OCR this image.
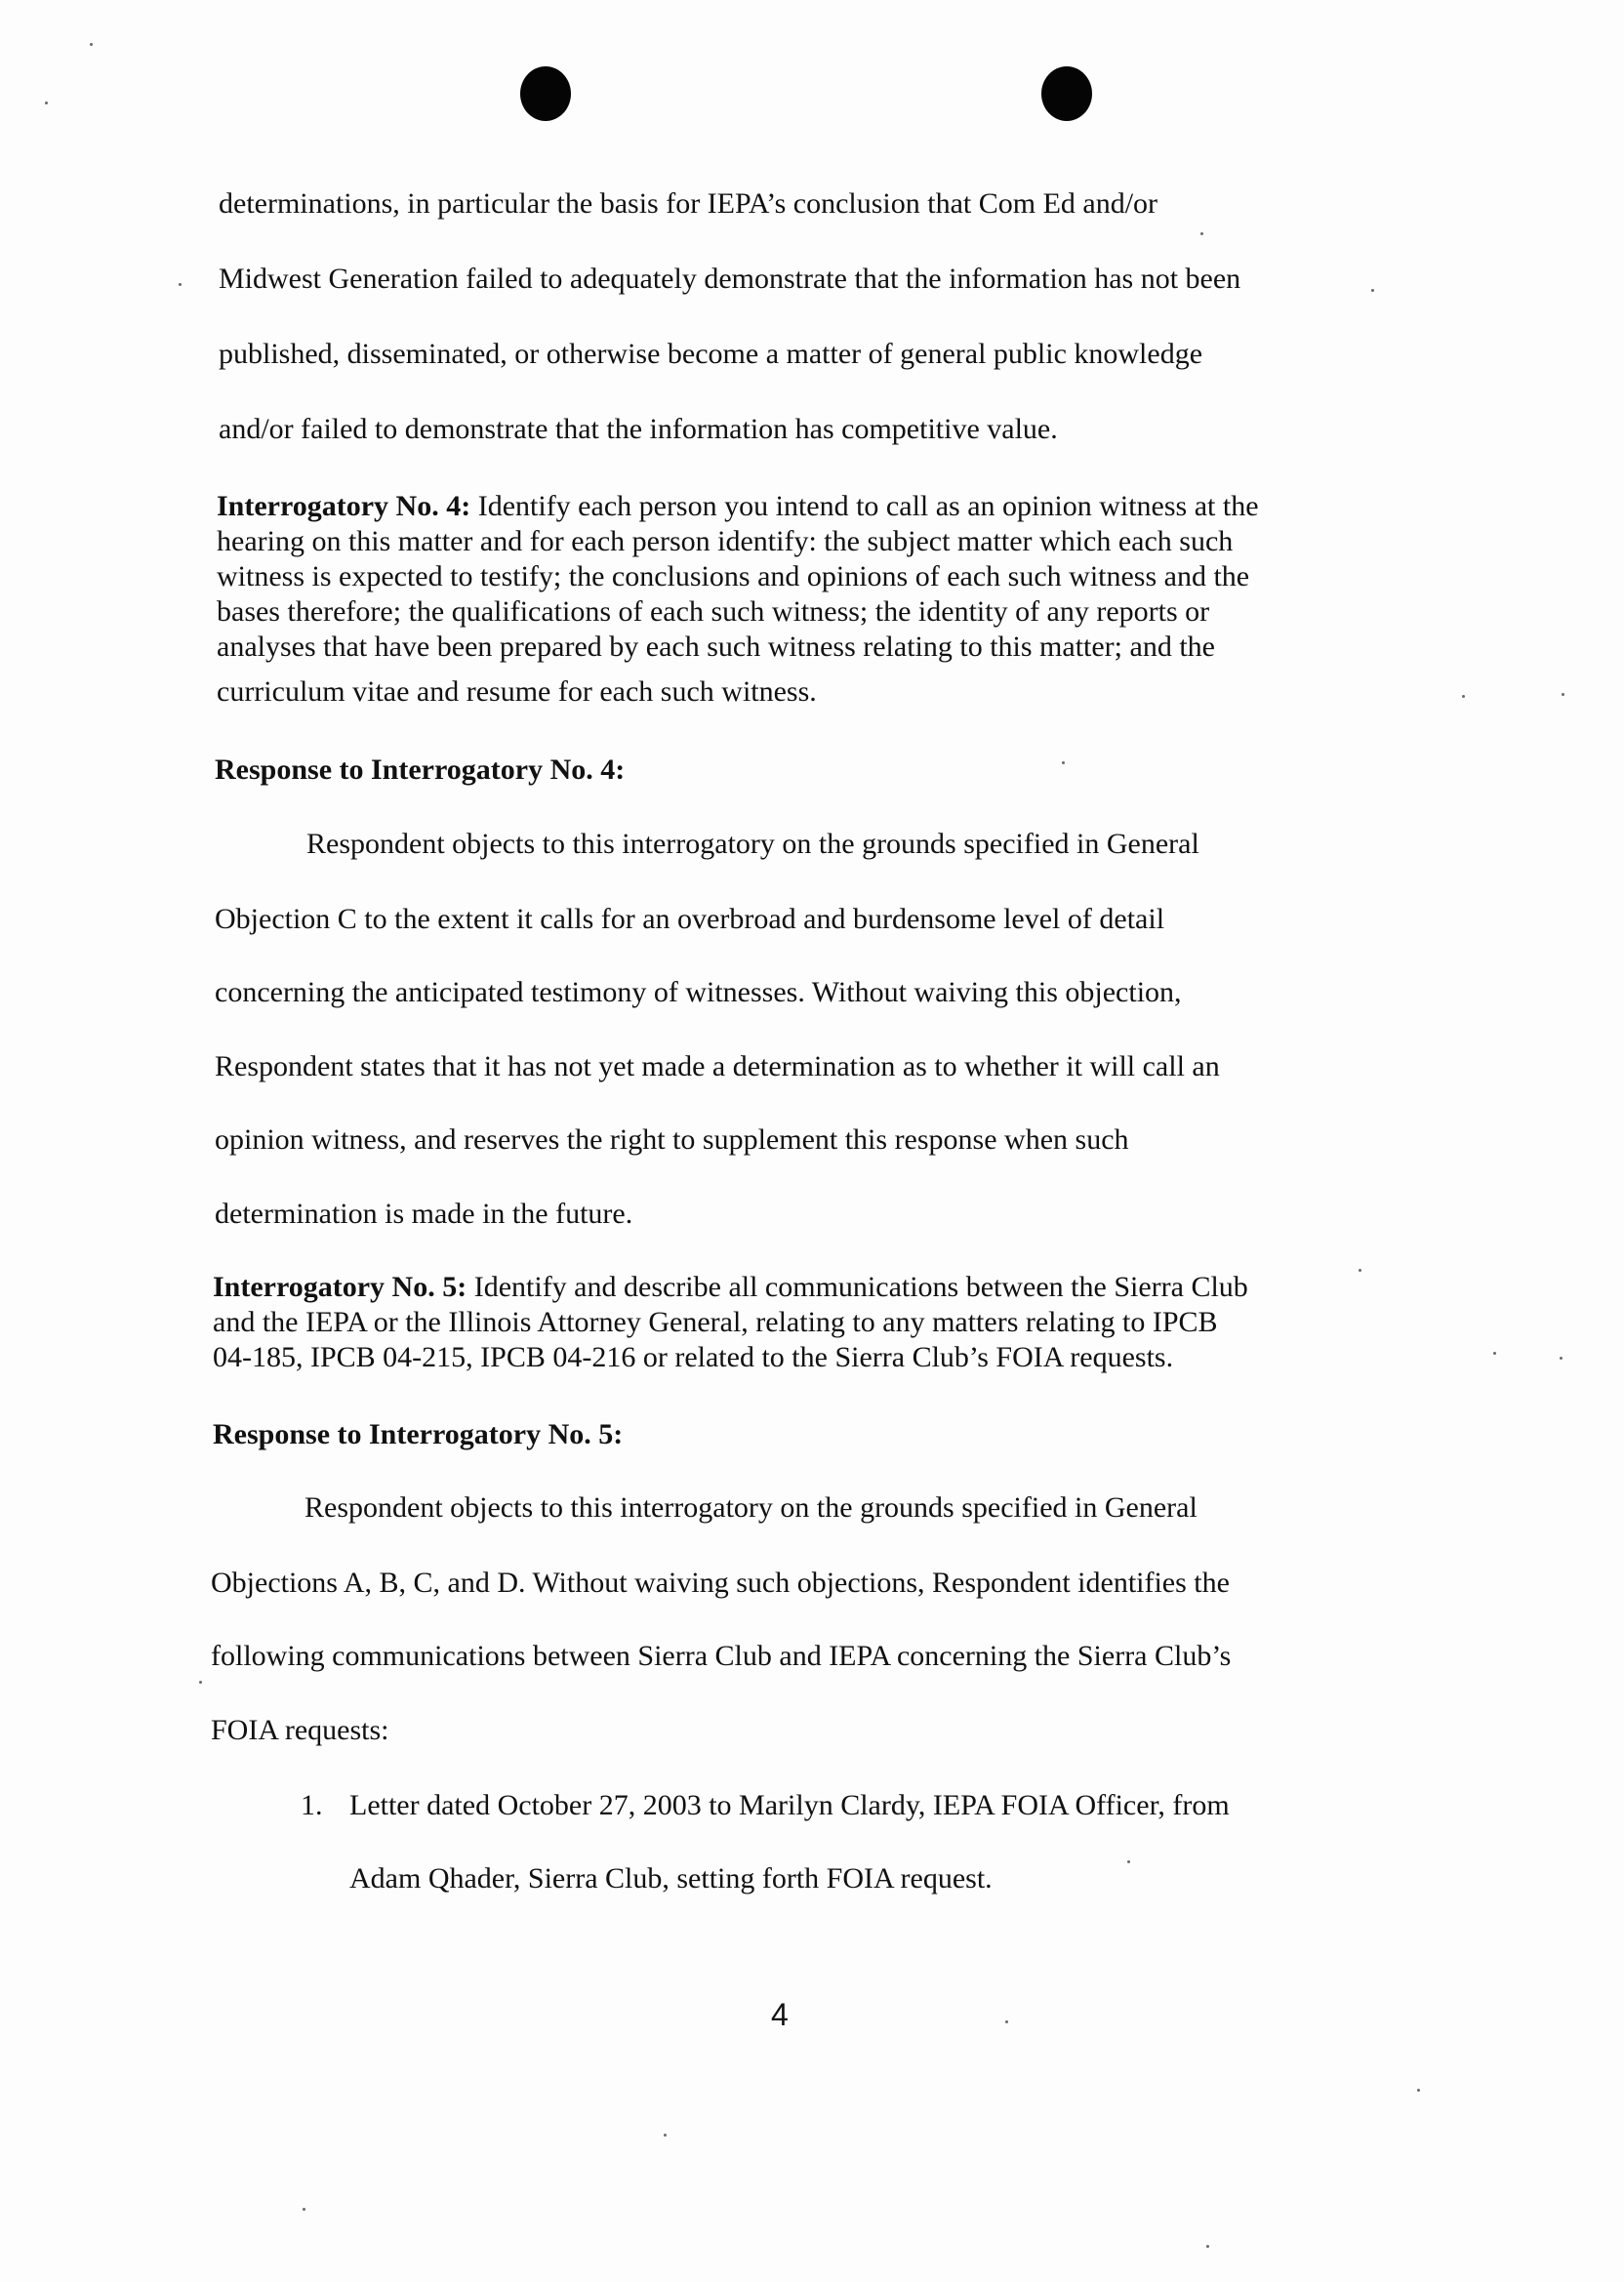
determinations, in particular the basis for IEPA’s conclusion that Com Ed and/or
Midwest Generation failed to adequately demonstrate that the information has not been
published, disseminated, or otherwise become a matter of general public knowledge
and/or failed to demonstrate that the information has competitive value.
Interrogatory No. 4: Identify each person you intend to call as an opinion witness at the
hearing on this matter and for each person identify: the subject matter which each such
witness is expected to testify; the conclusions and opinions of each such witness and the
bases therefore; the qualifications of each such witness; the identity of any reports or
analyses that have been prepared by each such witness relating to this matter; and the
curriculum vitae and resume for each such witness.
Response to Interrogatory No. 4:
Respondent objects to this interrogatory on the grounds specified in General
Objection C to the extent it calls for an overbroad and burdensome level of detail
concerning the anticipated testimony of witnesses. Without waiving this objection,
Respondent states that it has not yet made a determination as to whether it will call an
opinion witness, and reserves the right to supplement this response when such
determination is made in the future.
Interrogatory No. 5: Identify and describe all communications between the Sierra Club
and the IEPA or the Illinois Attorney General, relating to any matters relating to IPCB
04-185, IPCB 04-215, IPCB 04-216 or related to the Sierra Club’s FOIA requests.
Response to Interrogatory No. 5:
Respondent objects to this interrogatory on the grounds specified in General
Objections A, B, C, and D. Without waiving such objections, Respondent identifies the
following communications between Sierra Club and IEPA concerning the Sierra Club’s
FOIA requests:
1. Letter dated October 27, 2003 to Marilyn Clardy, IEPA FOIA Officer, from
Adam Qhader, Sierra Club, setting forth FOIA request.
4
